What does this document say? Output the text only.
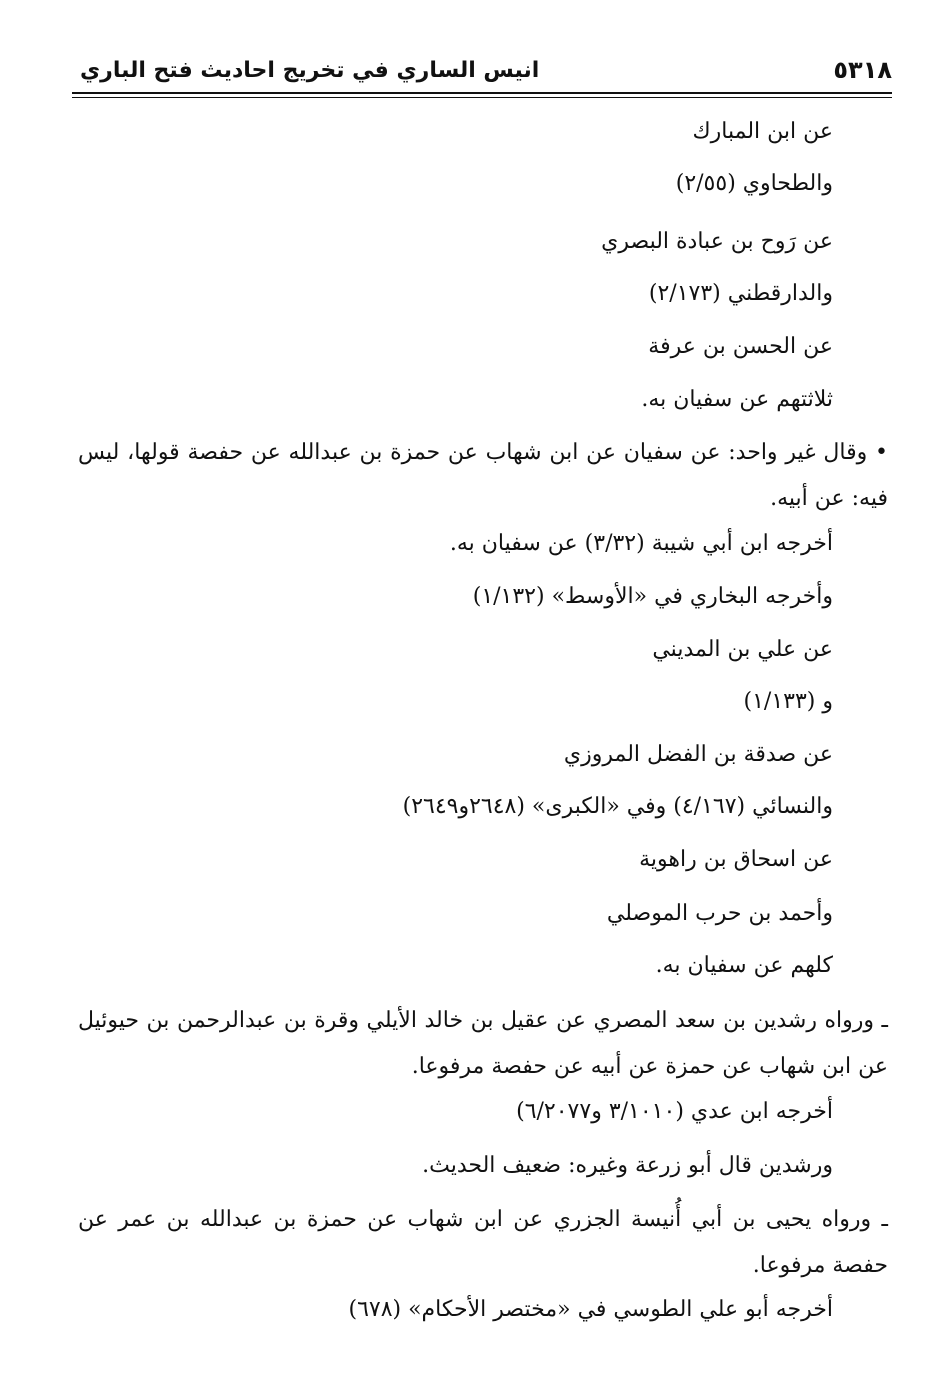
٥٣١٨
انيس الساري في تخريج احاديث فتح الباري
عن ابن المبارك
والطحاوي (٢/٥٥)
عن رَوح بن عبادة البصري
والدارقطني (٢/١٧٣)
عن الحسن بن عرفة
ثلاثتهم عن سفيان به.
• وقال غير واحد: عن سفيان عن ابن شهاب عن حمزة بن عبدالله عن حفصة قولها، ليس فيه: عن أبيه.
أخرجه ابن أبي شيبة (٣/٣٢) عن سفيان به.
وأخرجه البخاري في «الأوسط» (١/١٣٢)
عن علي بن المديني
و (١/١٣٣)
عن صدقة بن الفضل المروزي
والنسائي (٤/١٦٧) وفي «الكبرى» (٢٦٤٨و٢٦٤٩)
عن اسحاق بن راهوية
وأحمد بن حرب الموصلي
كلهم عن سفيان به.
ـ ورواه رشدين بن سعد المصري عن عقيل بن خالد الأيلي وقرة بن عبدالرحمن بن حيوئيل عن ابن شهاب عن حمزة عن أبيه عن حفصة مرفوعا.
أخرجه ابن عدي (٣/١٠١٠ و٦/٢٠٧٧)
ورشدين قال أبو زرعة وغيره: ضعيف الحديث.
ـ ورواه يحيى بن أبي أُنيسة الجزري عن ابن شهاب عن حمزة بن عبدالله بن عمر عن حفصة مرفوعا.
أخرجه أبو علي الطوسي في «مختصر الأحكام» (٦٧٨)
